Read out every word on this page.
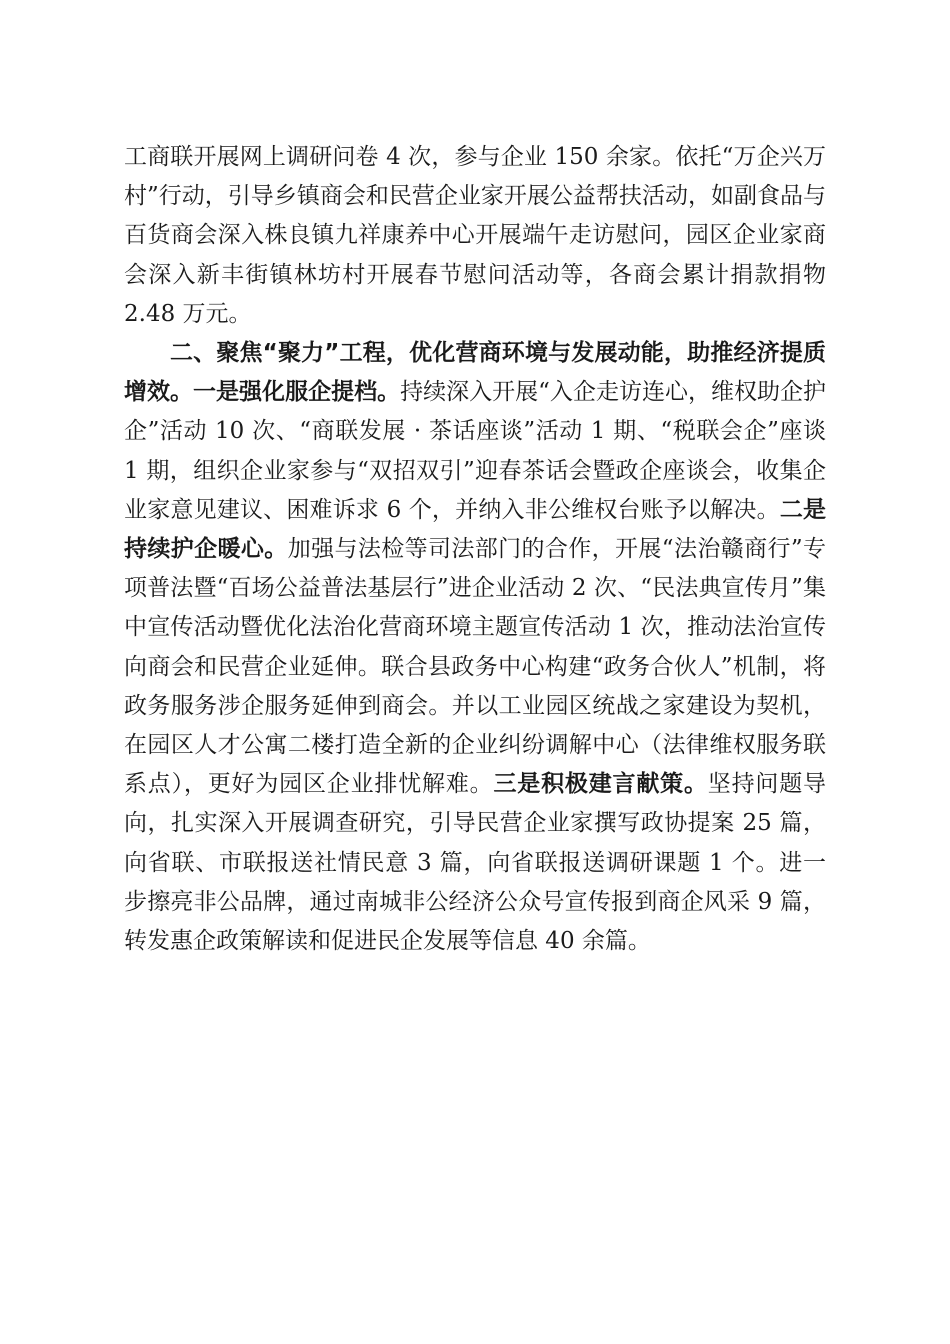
工商联开展网上调研问卷 4 次，参与企业 150 余家。依托“万企兴万村”行动，引导乡镇商会和民营企业家开展公益帮扶活动，如副食品与百货商会深入株良镇九祥康养中心开展端午走访慰问，园区企业家商会深入新丰街镇林坊村开展春节慰问活动等，各商会累计捐款捐物 2.48 万元。

二、聚焦“聚力”工程，优化营商环境与发展动能，助推经济提质增效。一是强化服企提档。持续深入开展“入企走访连心，维权助企护企”活动 10 次、“商联发展 · 茶话座谈”活动 1 期、“税联会企”座谈 1 期，组织企业家参与“双招双引”迎春茶话会暨政企座谈会，收集企业家意见建议、困难诉求 6 个，并纳入非公维权台账予以解决。二是持续护企暖心。加强与法检等司法部门的合作，开展“法治赣商行”专项普法暨“百场公益普法基层行”进企业活动 2 次、“民法典宣传月”集中宣传活动暨优化法治化营商环境主题宣传活动 1 次，推动法治宣传向商会和民营企业延伸。联合县政务中心构建“政务合伙人”机制，将政务服务涉企服务延伸到商会。并以工业园区统战之家建设为契机，在园区人才公寓二楼打造全新的企业纠纷调解中心（法律维权服务联系点），更好为园区企业排忧解难。三是积极建言献策。坚持问题导向，扎实深入开展调查研究，引导民营企业家撰写政协提案 25 篇，向省联、市联报送社情民意 3 篇，向省联报送调研课题 1 个。进一步擦亮非公品牌，通过南城非公经济公众号宣传报到商企风采 9 篇，转发惠企政策解读和促进民企发展等信息 40 余篇。
